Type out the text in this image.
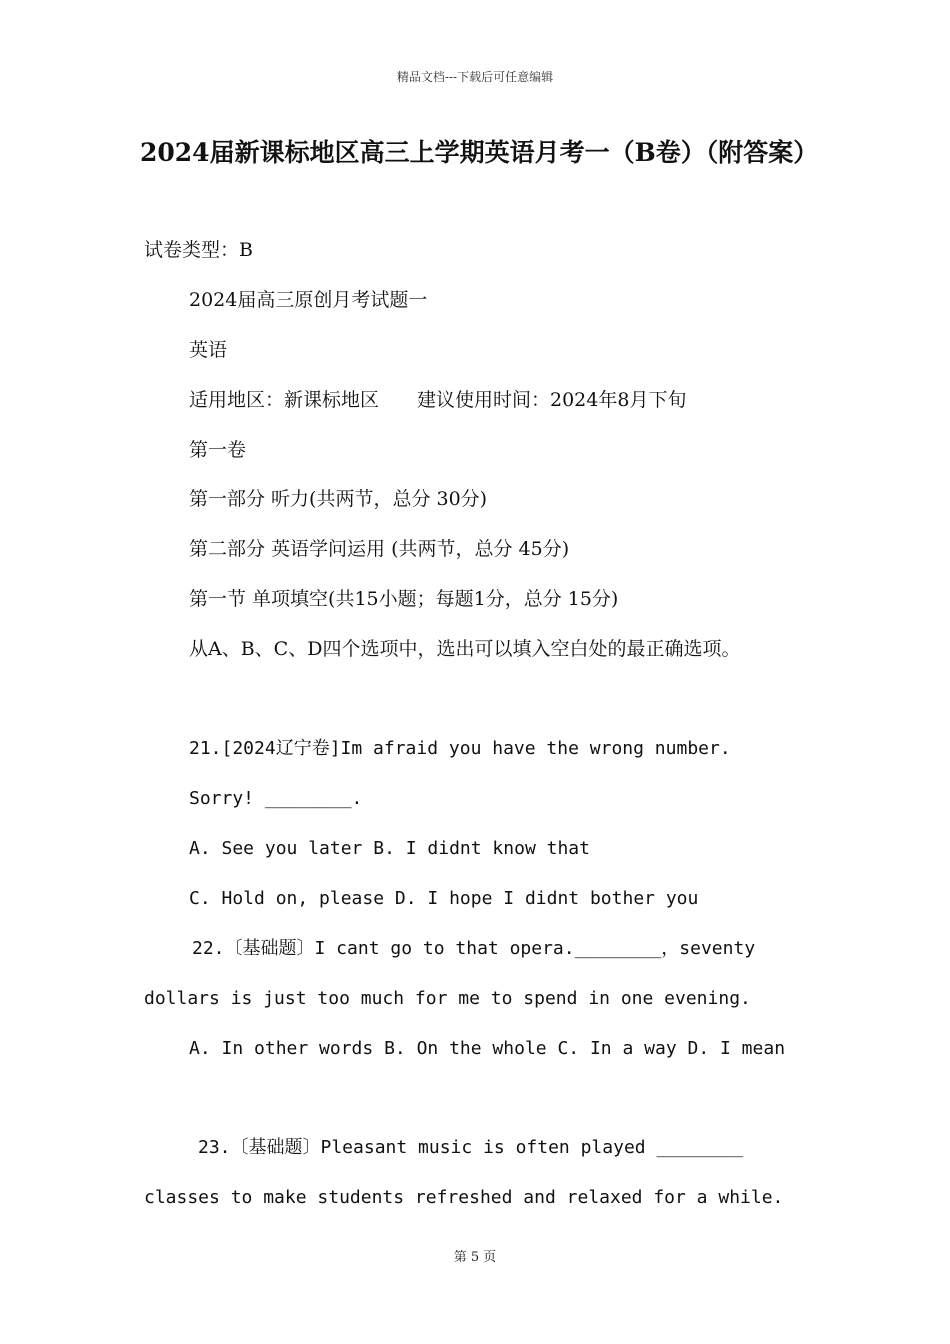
精品文档---下载后可任意编辑
2024届新课标地区高三上学期英语月考一（B卷）（附答案）
试卷类型：B
2024届高三原创月考试题一
英语
适用地区：新课标地区　　建议使用时间：2024年8月下旬
第一卷
第一部分 听力(共两节，总分 30分)
第二部分 英语学问运用 (共两节，总分 45分)
第一节 单项填空(共15小题；每题1分，总分 15分)
从A、B、C、D四个选项中，选出可以填入空白处的最正确选项。
21.[2024辽宁卷]Im afraid you have the wrong number.
Sorry! ________.
A. See you later B. I didnt know that
C. Hold on, please D. I hope I didnt bother you
22.〔基础题〕I cant go to that opera.________，seventy
dollars is just too much for me to spend in one evening.
A. In other words B. On the whole C. In a way D. I mean
23.〔基础题〕Pleasant music is often played ________
classes to make students refreshed and relaxed for a while.
第 5 页
